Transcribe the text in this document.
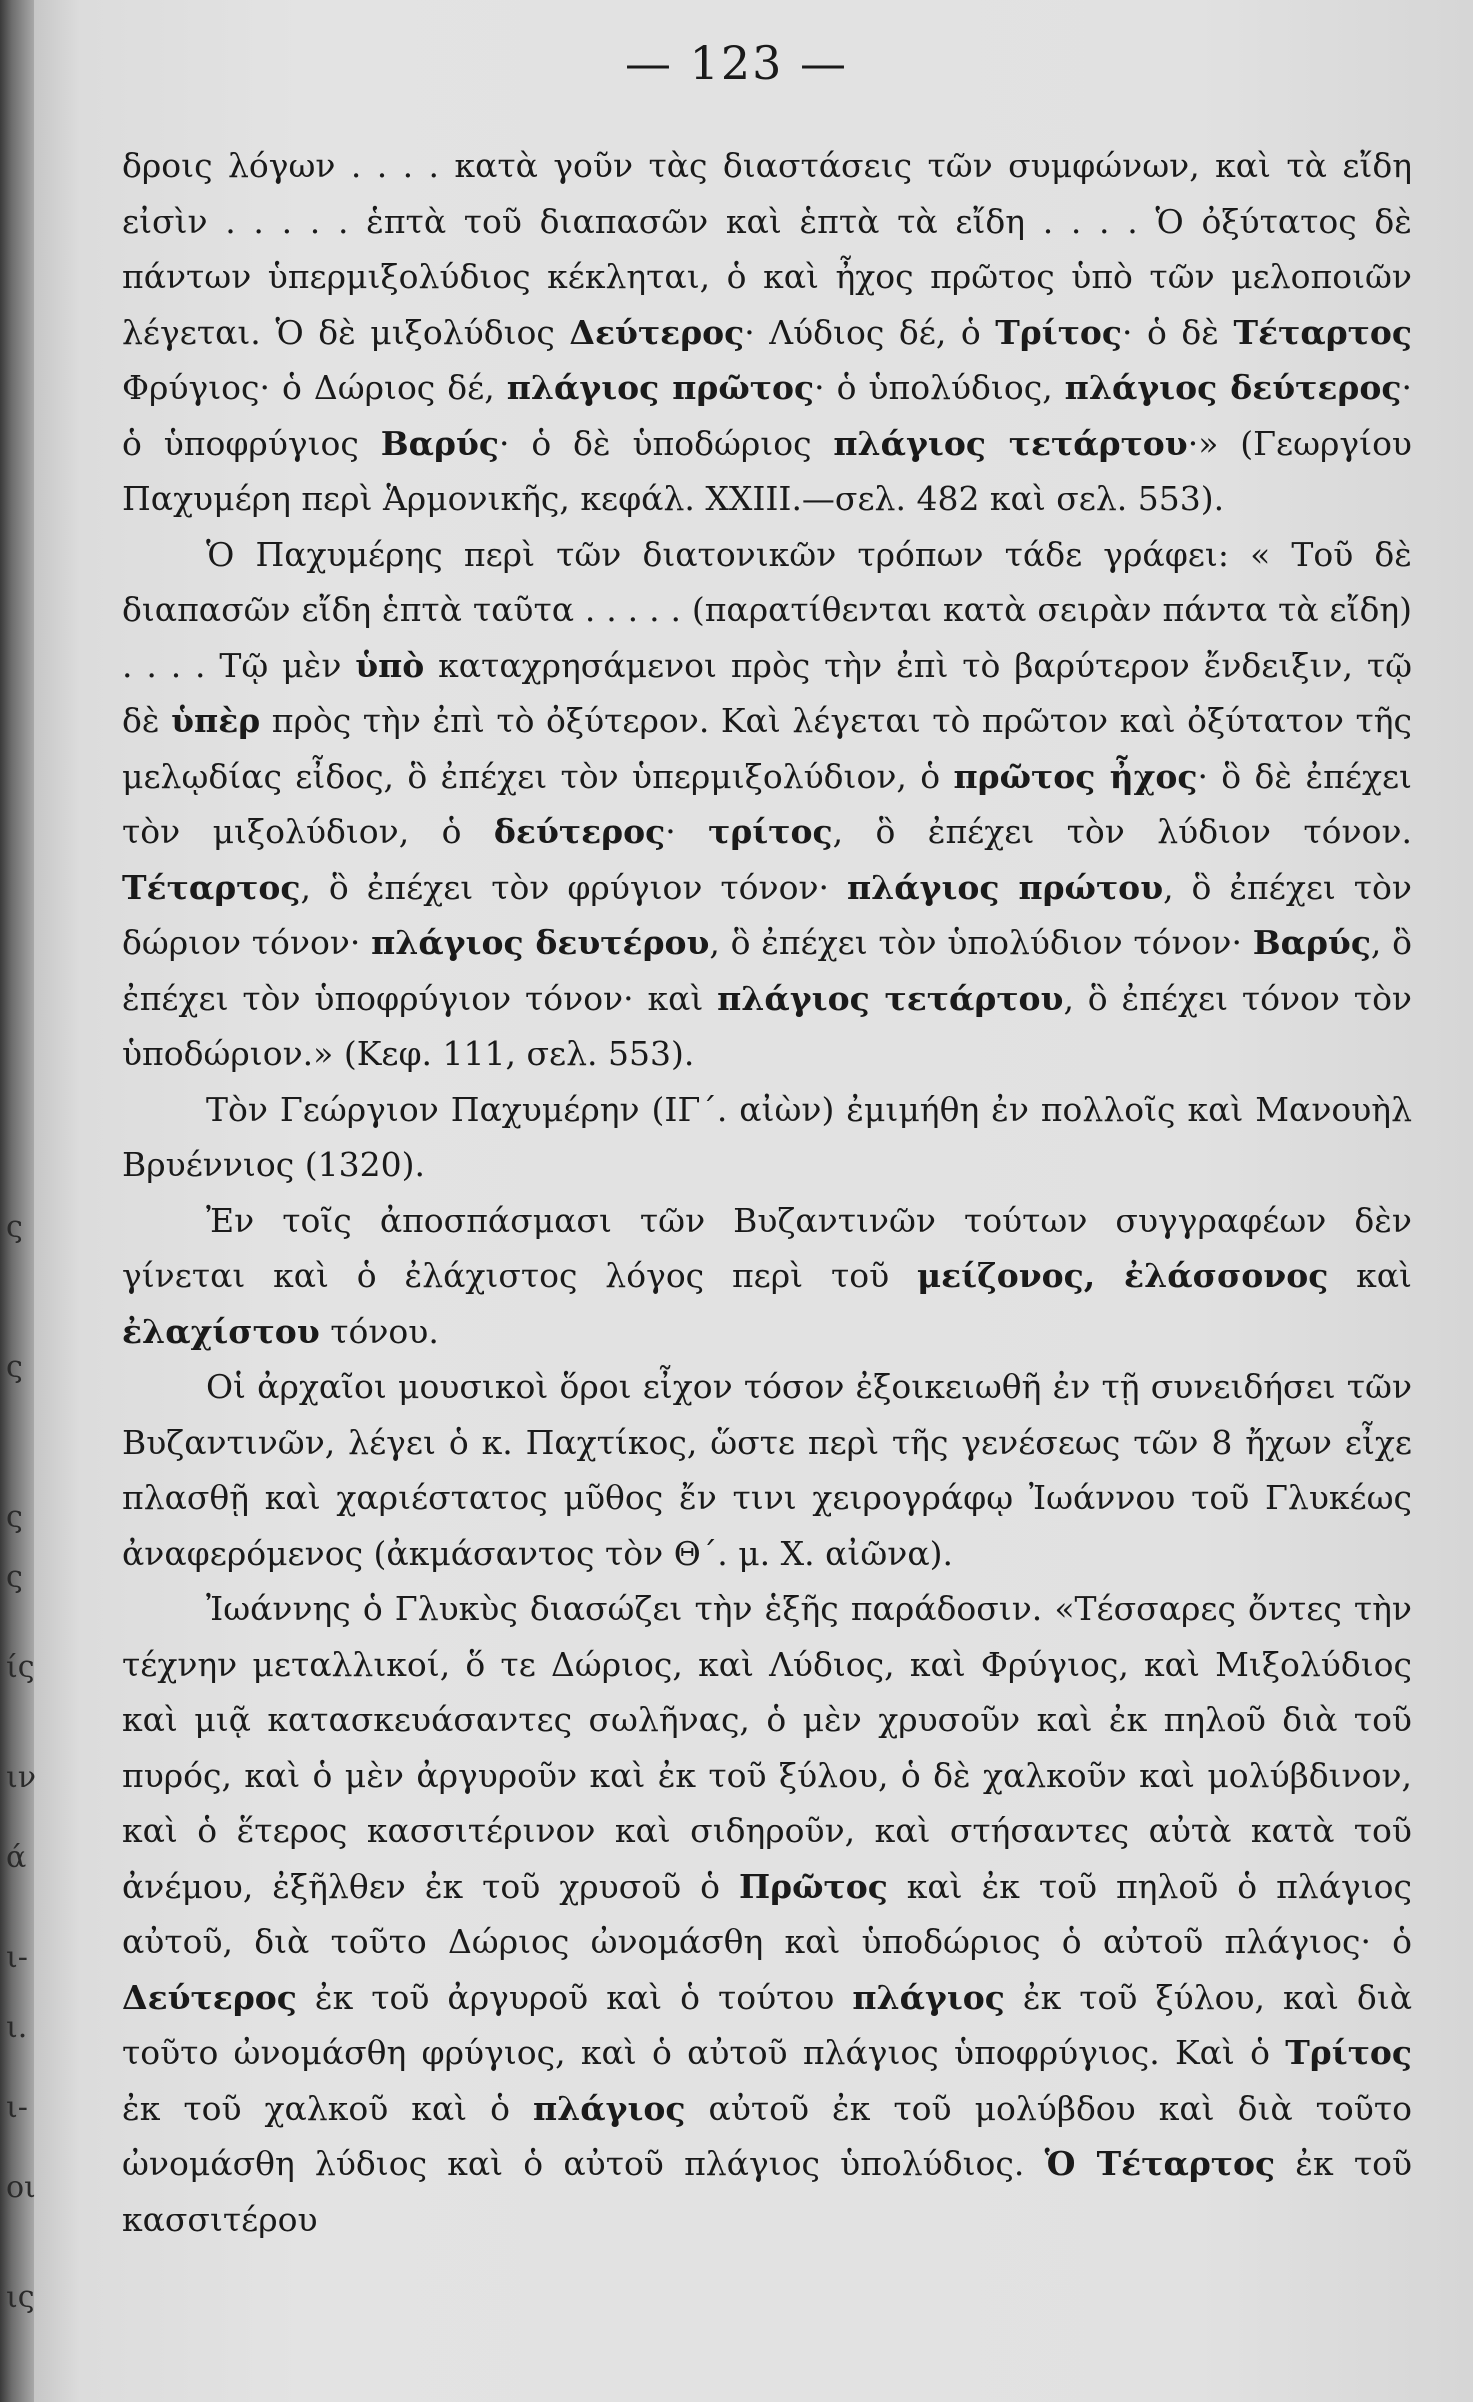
ς
ς
ς
ς
ίς
ιν
ά
ι-
ι.
ι-
οι
ις
— 123 —

δροις λόγων . . . . κατὰ γοῦν τὰς διαστάσεις τῶν συμφώνων, καὶ τὰ εἴδη εἰσὶν . . . . . ἑπτὰ τοῦ διαπασῶν καὶ ἑπτὰ τὰ εἴδη . . . . Ὁ ὀξύτατος δὲ πάντων ὑπερμιξολύδιος κέκληται, ὁ καὶ ἦχος πρῶτος ὑπὸ τῶν μελοποιῶν λέγεται. Ὁ δὲ μιξολύδιος Δεύτερος· Λύδιος δέ, ὁ Τρίτος· ὁ δὲ Τέταρτος Φρύγιος· ὁ Δώριος δέ, πλάγιος πρῶτος· ὁ ὑπολύδιος, πλάγιος δεύτερος· ὁ ὑποφρύγιος Βαρύς· ὁ δὲ ὑποδώριος πλάγιος τετάρτου·» (Γεωργίου Παχυμέρη περὶ Ἁρμονικῆς, κεφάλ. XXIII.—σελ. 482 καὶ σελ. 553).

Ὁ Παχυμέρης περὶ τῶν διατονικῶν τρόπων τάδε γράφει: « Τοῦ δὲ διαπασῶν εἴδη ἑπτὰ ταῦτα . . . . . (παρατίθενται κατὰ σειρὰν πάντα τὰ εἴδη) . . . . Τῷ μὲν ὑπὸ καταχρησάμενοι πρὸς τὴν ἐπὶ τὸ βαρύτερον ἔνδειξιν, τῷ δὲ ὑπὲρ πρὸς τὴν ἐπὶ τὸ ὀξύτερον. Καὶ λέγεται τὸ πρῶτον καὶ ὀξύτατον τῆς μελῳδίας εἶδος, ὃ ἐπέχει τὸν ὑπερμιξολύδιον, ὁ πρῶτος ἦχος· ὃ δὲ ἐπέχει τὸν μιξολύδιον, ὁ δεύτερος· τρίτος, ὃ ἐπέχει τὸν λύδιον τόνον. Τέταρτος, ὃ ἐπέχει τὸν φρύγιον τόνον· πλάγιος πρώτου, ὃ ἐπέχει τὸν δώριον τόνον· πλάγιος δευτέρου, ὃ ἐπέχει τὸν ὑπολύδιον τόνον· Βαρύς, ὃ ἐπέχει τὸν ὑποφρύγιον τόνον· καὶ πλάγιος τετάρτου, ὃ ἐπέχει τόνον τὸν ὑποδώριον.» (Κεφ. 111, σελ. 553).

Τὸν Γεώργιον Παχυμέρην (ΙΓ΄. αἰὼν) ἐμιμήθη ἐν πολλοῖς καὶ Μανουὴλ Βρυέννιος (1320).

Ἐν τοῖς ἀποσπάσμασι τῶν Βυζαντινῶν τούτων συγγραφέων δὲν γίνεται καὶ ὁ ἐλάχιστος λόγος περὶ τοῦ μείζονος, ἐλάσσονος καὶ ἐλαχίστου τόνου.

Οἱ ἀρχαῖοι μουσικοὶ ὅροι εἶχον τόσον ἐξοικειωθῆ ἐν τῇ συνειδήσει τῶν Βυζαντινῶν, λέγει ὁ κ. Παχτίκος, ὥστε περὶ τῆς γενέσεως τῶν 8 ἤχων εἶχε πλασθῇ καὶ χαριέστατος μῦθος ἔν τινι χειρογράφῳ Ἰωάννου τοῦ Γλυκέως ἀναφερόμενος (ἀκμάσαντος τὸν Θ΄. μ. Χ. αἰῶνα).

Ἰωάννης ὁ Γλυκὺς διασώζει τὴν ἑξῆς παράδοσιν. «Τέσσαρες ὄντες τὴν τέχνην μεταλλικοί, ὅ τε Δώριος, καὶ Λύδιος, καὶ Φρύγιος, καὶ Μιξολύδιος καὶ μιᾷ κατασκευάσαντες σωλῆνας, ὁ μὲν χρυσοῦν καὶ ἐκ πηλοῦ διὰ τοῦ πυρός, καὶ ὁ μὲν ἀργυροῦν καὶ ἐκ τοῦ ξύλου, ὁ δὲ χαλκοῦν καὶ μολύβδινον, καὶ ὁ ἕτερος κασσιτέρινον καὶ σιδηροῦν, καὶ στήσαντες αὐτὰ κατὰ τοῦ ἀνέμου, ἐξῆλθεν ἐκ τοῦ χρυσοῦ ὁ Πρῶτος καὶ ἐκ τοῦ πηλοῦ ὁ πλάγιος αὐτοῦ, διὰ τοῦτο Δώριος ὠνομάσθη καὶ ὑποδώριος ὁ αὐτοῦ πλάγιος· ὁ Δεύτερος ἐκ τοῦ ἀργυροῦ καὶ ὁ τούτου πλάγιος ἐκ τοῦ ξύλου, καὶ διὰ τοῦτο ὠνομάσθη φρύγιος, καὶ ὁ αὐτοῦ πλάγιος ὑποφρύγιος. Καὶ ὁ Τρίτος ἐκ τοῦ χαλκοῦ καὶ ὁ πλάγιος αὐτοῦ ἐκ τοῦ μολύβδου καὶ διὰ τοῦτο ὠνομάσθη λύδιος καὶ ὁ αὐτοῦ πλάγιος ὑπολύδιος. Ὁ Τέταρτος ἐκ τοῦ κασσιτέρου
